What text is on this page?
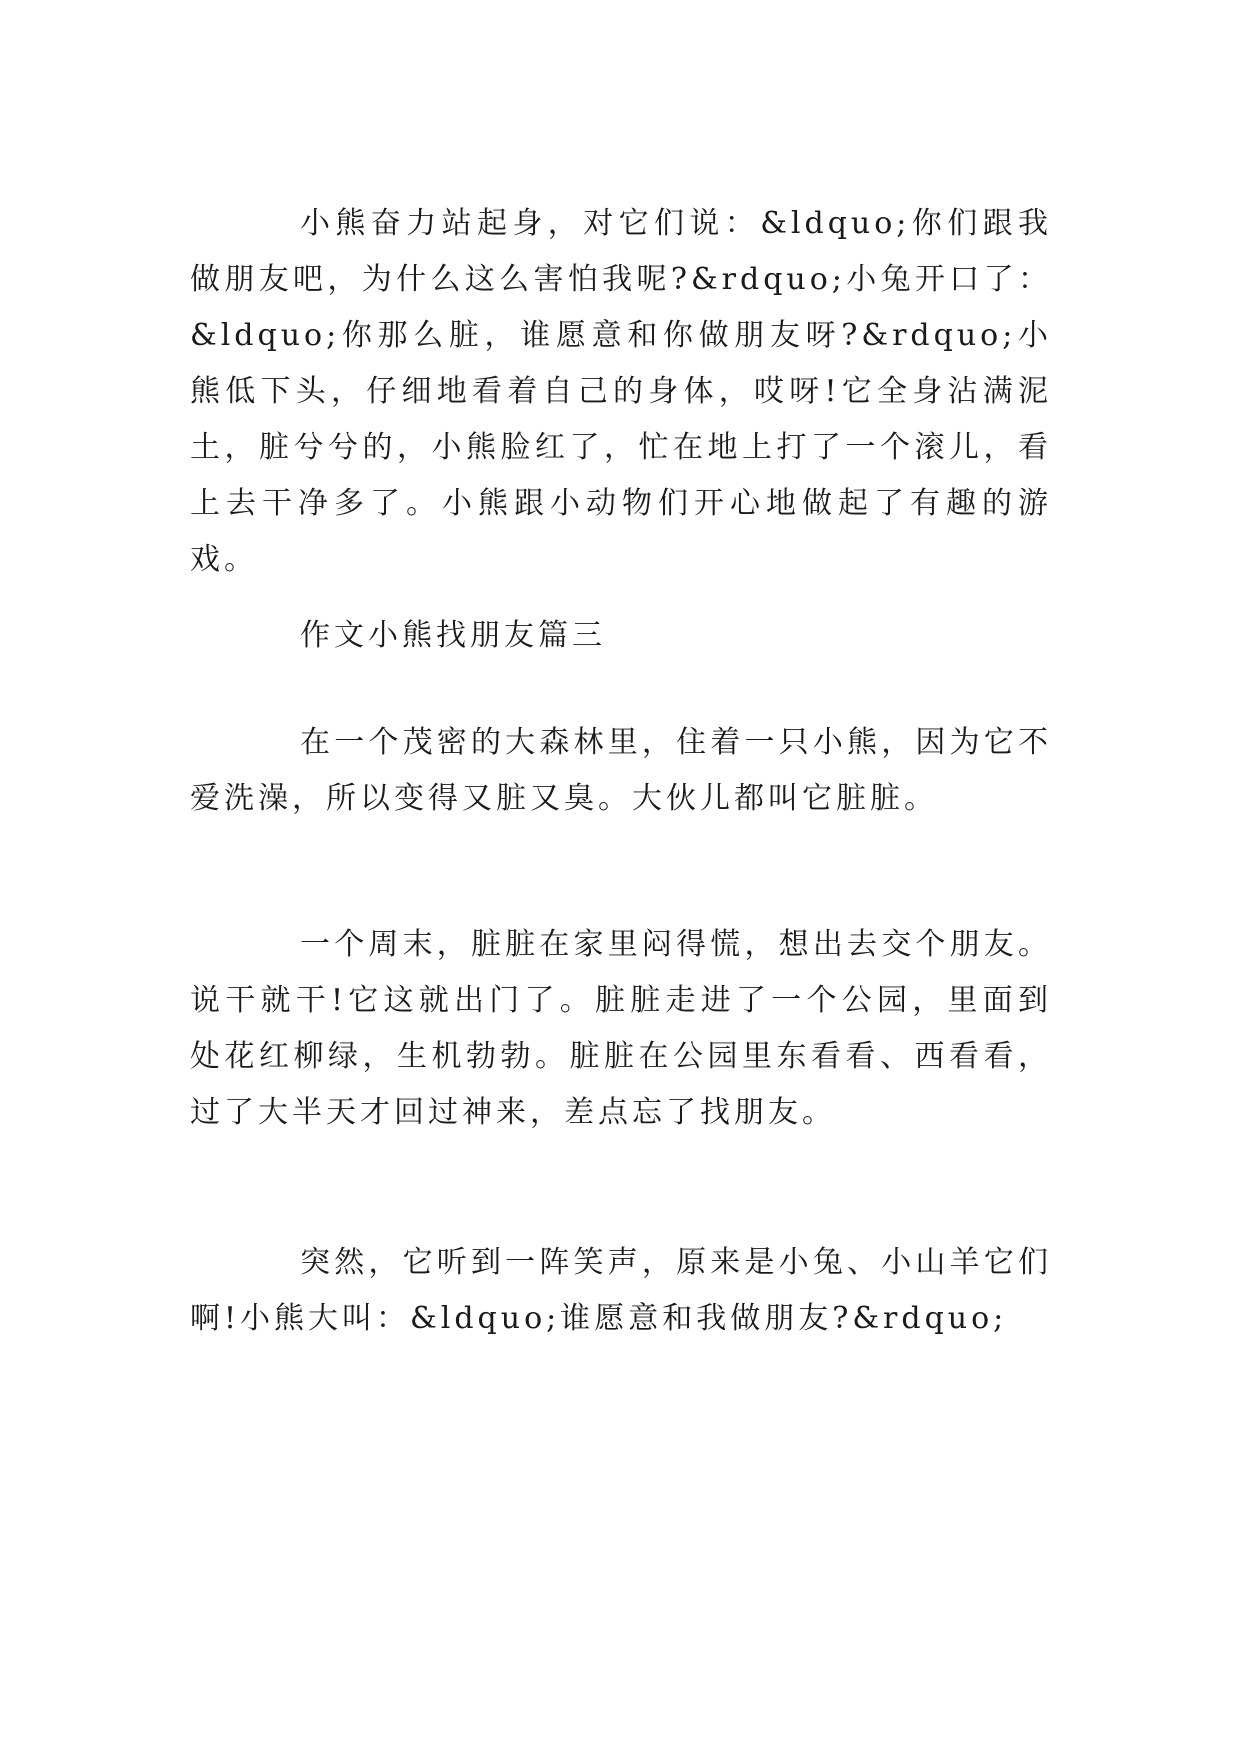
小熊奋力站起身，对它们说：&ldquo;你们跟我做朋友吧，为什么这么害怕我呢?&rdquo;小兔开口了：&ldquo;你那么脏，谁愿意和你做朋友呀?&rdquo;小熊低下头，仔细地看着自己的身体，哎呀!它全身沾满泥土，脏兮兮的，小熊脸红了，忙在地上打了一个滚儿，看上去干净多了。小熊跟小动物们开心地做起了有趣的游戏。

作文小熊找朋友篇三

在一个茂密的大森林里，住着一只小熊，因为它不爱洗澡，所以变得又脏又臭。大伙儿都叫它脏脏。

一个周末，脏脏在家里闷得慌，想出去交个朋友。说干就干!它这就出门了。脏脏走进了一个公园，里面到处花红柳绿，生机勃勃。脏脏在公园里东看看、西看看，过了大半天才回过神来，差点忘了找朋友。

突然，它听到一阵笑声，原来是小兔、小山羊它们啊!小熊大叫：&ldquo;谁愿意和我做朋友?&rdquo;
